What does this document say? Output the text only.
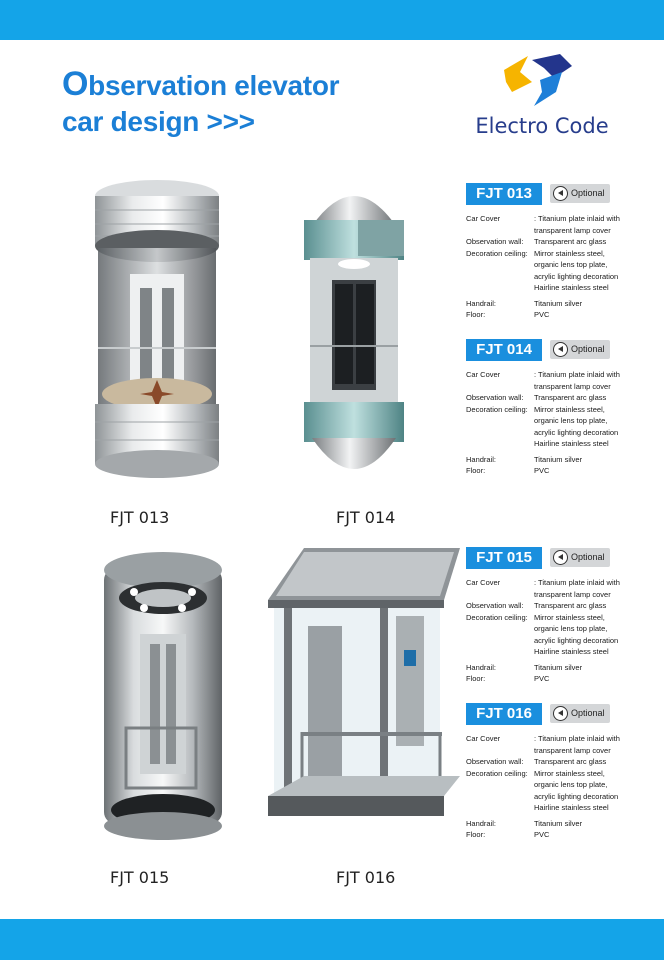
Observation elevator
car design >>>	Electro Code
FJT 013	FJT 014
FJT 015	FJT 016
FJT 013	Optional
Car Cover	: Titanium plate inlaid with
transparent lamp cover
Observation wall:	Transparent arc glass
Decoration ceiling: Mirror stainless steel,
organic lens top plate,
acrylic lighting decoration
Hairline stainless steel
Handrail:	Titanium silver
Floor:	PVC
FJT 014	Optional
Car Cover	: Titanium plate inlaid with
transparent lamp cover
Observation wall:	Transparent arc glass
Decoration ceiling: Mirror stainless steel,
organic lens top plate,
acrylic lighting decoration
Hairline stainless steel
Handrail:	Titanium silver
Floor:	PVC
FJT 015	Optional
Car Cover	: Titanium plate inlaid with
transparent lamp cover
Observation wall:	Transparent arc glass
Decoration ceiling: Mirror stainless steel,
organic lens top plate,
acrylic lighting decoration
Hairline stainless steel
Handrail:	Titanium silver
Floor:	PVC
FJT 016	Optional
Car Cover	: Titanium plate inlaid with
transparent lamp cover
Observation wall:	Transparent arc glass
Decoration ceiling: Mirror stainless steel,
organic lens top plate,
acrylic lighting decoration
Hairline stainless steel
Handrail:	Titanium silver
Floor:	PVC
